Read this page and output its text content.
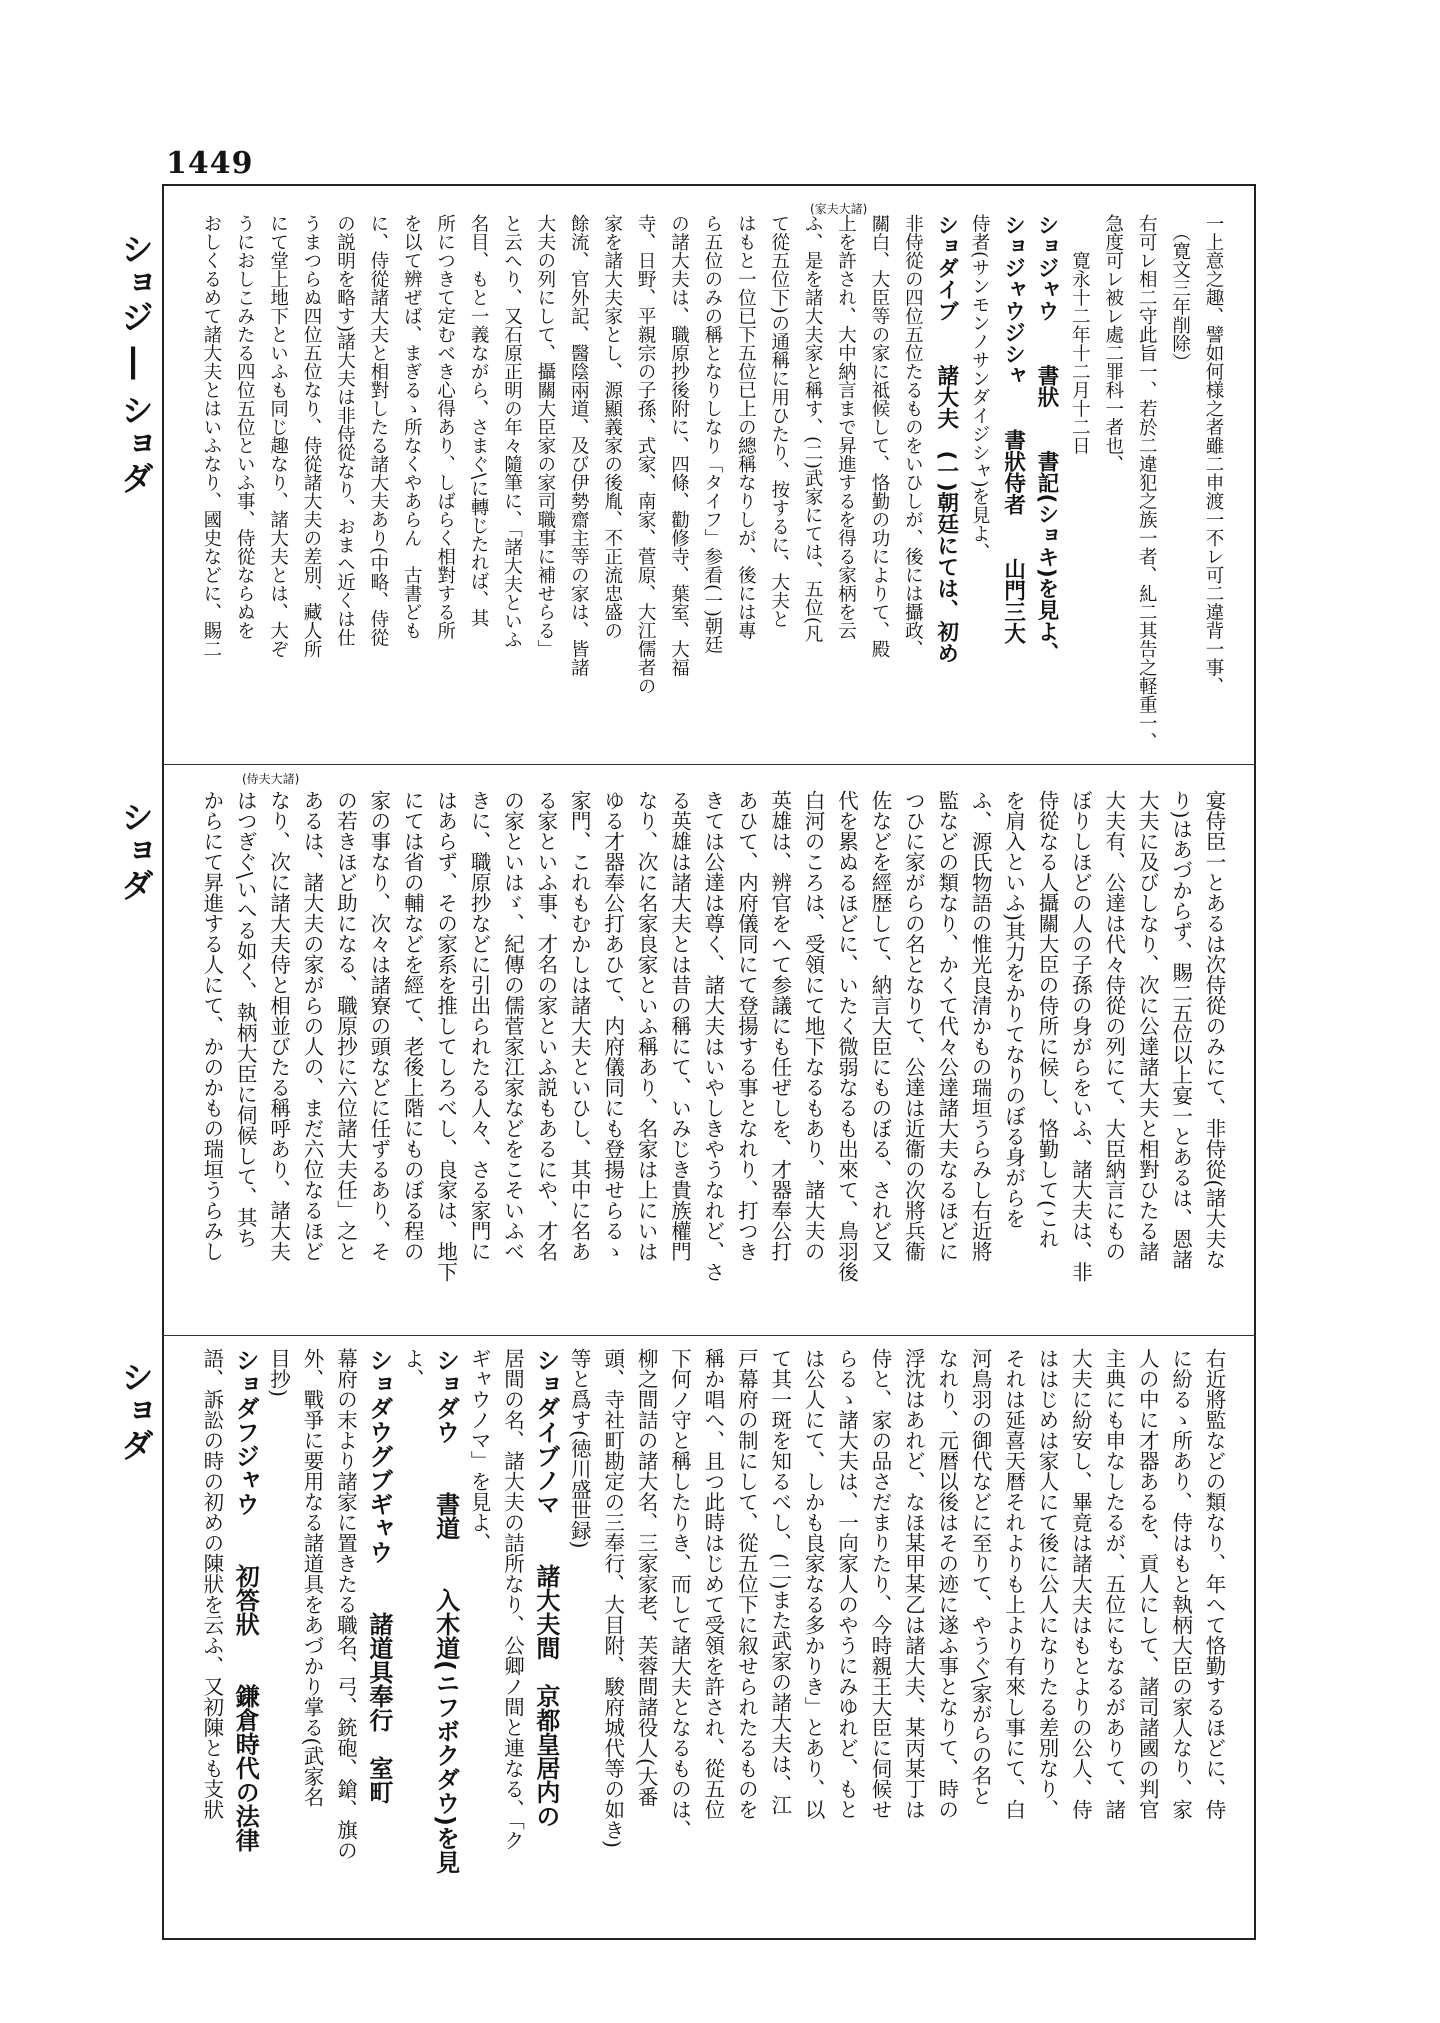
1449
ショジ ― ショダ
ショダ
ショダ
(家夫大諸)
(侍夫大諸)
一上意之趣、譬如何様之者雖二申渡一不レ可二違背一事、
　（寛文三年削除）
右可レ相二守此旨一、若於二違犯之族一者、糺二其告之軽重一、
急度可レ被レ處二罪科一者也、
　　寛永十二年十二月十二日
ショジャウ　　書狀　　書記(ショキ)を見よ、
ショジャウジシャ　　書狀侍者　　山門三大
侍者(サンモンノサンダイジシャ)を見よ、
ショダイブ　　諸大夫　(一)朝廷にては、初め
非侍從の四位五位たるものをいひしが、後には攝政、
關白、大臣等の家に祗候して、恪勤の功によりて、殿
上を許され、大中納言まで昇進するを得る家柄を云
ふ、是を諸大夫家と稱す、(二)武家にては、五位(凡
て從五位下)の通稱に用ひたり、按するに、大夫と
はもと一位已下五位已上の總稱なりしが、後には專
ら五位のみの稱となりしなり「タイフ」参看(一)朝廷
の諸大夫は、職原抄後附に、四條、勸修寺、葉室、大福
寺、日野、平親宗の子孫、式家、南家、菅原、大江儒者の
家を諸大夫家とし、源顯義家の後胤、不正流忠盛の
餘流、官外記、醫陰兩道、及び伊勢齋主等の家は、皆諸
大夫の列にして、攝關大臣家の家司職事に補せらる」
と云へり、又石原正明の年々隨筆に、「諸大夫といふ
名目、もと一義ながら、さまぐ\に轉じたれば、其
所につきて定むべき心得あり、しばらく相對する所
を以て辨ぜば、まぎるゝ所なくやあらん　古書ども
に、侍從諸大夫と相對したる諸大夫あり(中略、侍從
の説明を略す)諸大夫は非侍從なり、おまへ近くは仕
うまつらぬ四位五位なり、侍從諸大夫の差別、藏人所
にて堂上地下といふも同じ趣なり、諸大夫とは、大ぞ
うにおしこみたる四位五位といふ事、侍從ならぬを
おしくるめて諸大夫とはいふなり、國史などに、賜二
宴侍臣一とあるは次侍從のみにて、非侍從(諸大夫な
り)はあづからず、賜二五位以上宴一とあるは、恩諸
大夫に及びしなり、次に公達諸大夫と相對ひたる諸
大夫有、公達は代々侍從の列にて、大臣納言にもの
ぼりしほどの人の子孫の身がらをいふ、諸大夫は、非
侍從なる人攝關大臣の侍所に候し、恪勤して(これ
を肩入といふ)其力をかりてなりのぼる身がらを
ふ、源氏物語の惟光良清かもの瑞垣うらみし右近將
監などの類なり、かくて代々公達諸大夫なるほどに
つひに家がらの名となりて、公達は近衞の次將兵衞
佐などを經歴して、納言大臣にものぼる、されど又
代を累ぬるほどに、いたく微弱なるも出來て、鳥羽後
白河のころは、受領にて地下なるもあり、諸大夫の
英雄は、辨官をへて参議にも任ぜしを、才器奉公打
あひて、内府儀同にて登揚する事となれり、打つき
きては公達は尊く、諸大夫はいやしきやうなれど、さ
る英雄は諸大夫とは昔の稱にて、いみじき貴族權門
なり、次に名家良家といふ稱あり、名家は上にいは
ゆる才器奉公打あひて、内府儀同にも登揚せらるゝ
家門、これもむかしは諸大夫といひし、其中に名あ
る家といふ事、才名の家といふ説もあるにや、才名
の家といはゞ、紀傳の儒菅家江家などをこそいふべ
きに、職原抄などに引出られたる人々、さる家門に
はあらず、その家系を推してしろべし、良家は、地下
にては省の輔などを經て、老後上階にものぼる程の
家の事なり、次々は諸寮の頭などに任ずるあり、そ
の若きほど助になる、職原抄に六位諸大夫任」之と
あるは、諸大夫の家がらの人の、まだ六位なるほど
なり、次に諸大夫侍と相並びたる稱呼あり、諸大夫
はつぎぐ\いへる如く、執柄大臣に伺候して、其ち
からにて昇進する人にて、かのかもの瑞垣うらみし
右近將監などの類なり、年へて恪勤するほどに、侍
に紛るゝ所あり、侍はもと執柄大臣の家人なり、家
人の中に才器あるを、貢人にして、諸司諸國の判官
主典にも申なしたるが、五位にもなるがありて、諸
大夫に紛安し、畢竟は諸大夫はもとよりの公人、侍
ははじめは家人にて後に公人になりたる差別なり、
それは延喜天暦それよりも上より有來し事にて、白
河鳥羽の御代などに至りて、やうぐ\家がらの名と
なれり、元暦以後はその迹に遂ふ事となりて、時の
浮沈はあれど、なほ某甲某乙は諸大夫、某丙某丁は
侍と、家の品さだまりたり、今時親王大臣に伺候せ
らるゝ諸大夫は、一向家人のやうにみゆれど、もと
は公人にて、しかも良家なる多かりき」とあり、以
て其一斑を知るべし、(二)また武家の諸大夫は、江
戸幕府の制にして、從五位下に叙せられたるものを
稱か唱へ、且つ此時はじめて受領を許され、從五位
下何ノ守と稱したりき、而して諸大夫となるものは、
柳之間詰の諸大名、三家家老、芙蓉間諸役人(大番
頭、寺社町勘定の三奉行、大目附、駿府城代等の如き)
等と爲す(徳川盛世録)
ショダイブノマ　　諸大夫間　京都皇居内の
居間の名、諸大夫の詰所なり、公卿ノ間と連なる、「ク
ギャウノマ」を見よ、
ショダウ　　書道　　入木道(ニフボクダウ)を見
よ、
ショダウグブギャウ　　諸道具奉行　室町
幕府の末より諸家に置きたる職名、弓、銃砲、鎗、旗の
外、戰爭に要用なる諸道具をあづかり掌る(武家名
目抄)
ショダフジャウ　　初答狀　　鎌倉時代の法律
語、訴訟の時の初めの陳狀を云ふ、又初陳とも支狀
